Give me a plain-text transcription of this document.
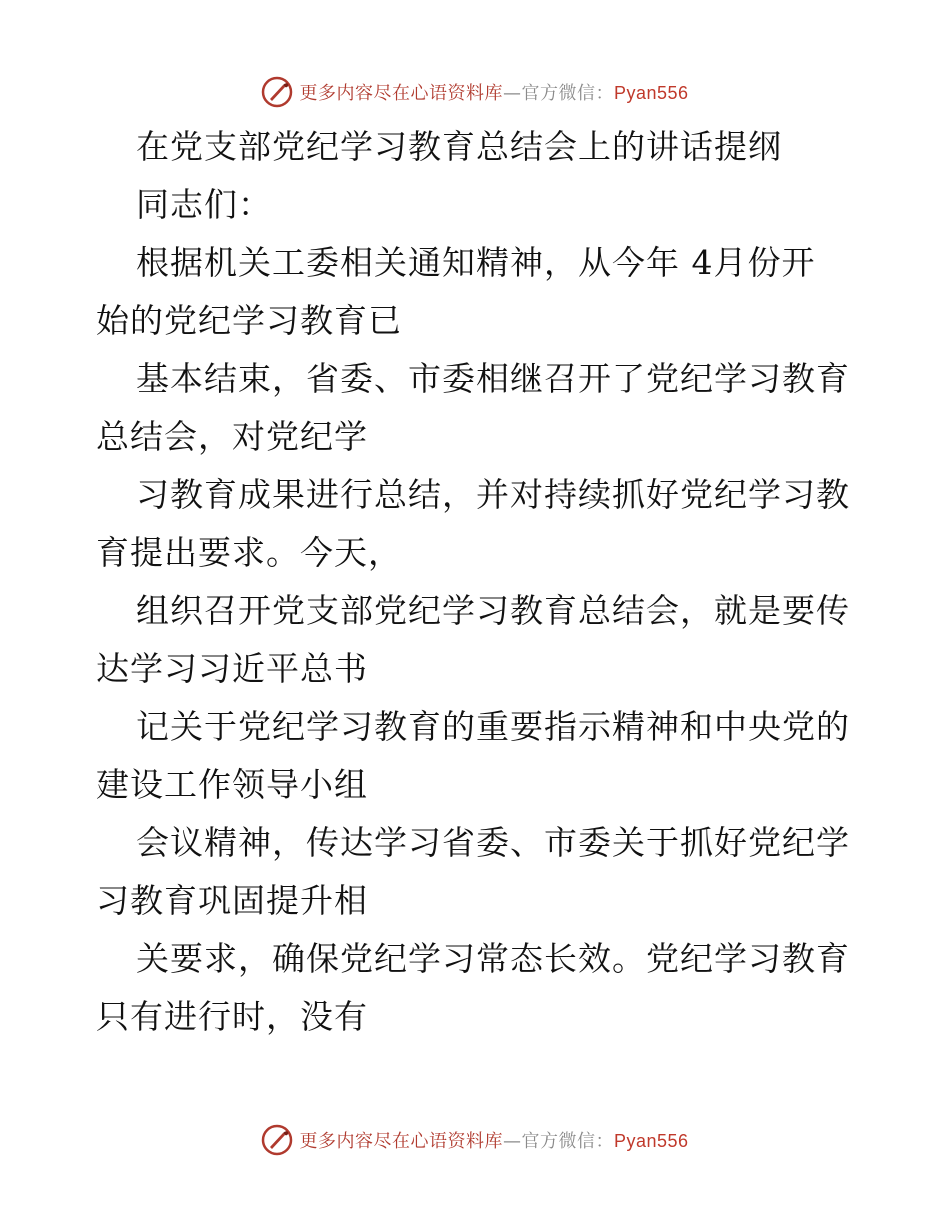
更多内容尽在心语资料库—官方微信：Pyan556
在党支部党纪学习教育总结会上的讲话提纲
同志们：
根据机关工委相关通知精神，从今年 4月份开
始的党纪学习教育已
基本结束，省委、市委相继召开了党纪学习教育
总结会，对党纪学
习教育成果进行总结，并对持续抓好党纪学习教
育提出要求。今天，
组织召开党支部党纪学习教育总结会，就是要传
达学习习近平总书
记关于党纪学习教育的重要指示精神和中央党的
建设工作领导小组
会议精神，传达学习省委、市委关于抓好党纪学
习教育巩固提升相
关要求，确保党纪学习常态长效。党纪学习教育
只有进行时，没有
更多内容尽在心语资料库—官方微信：Pyan556
